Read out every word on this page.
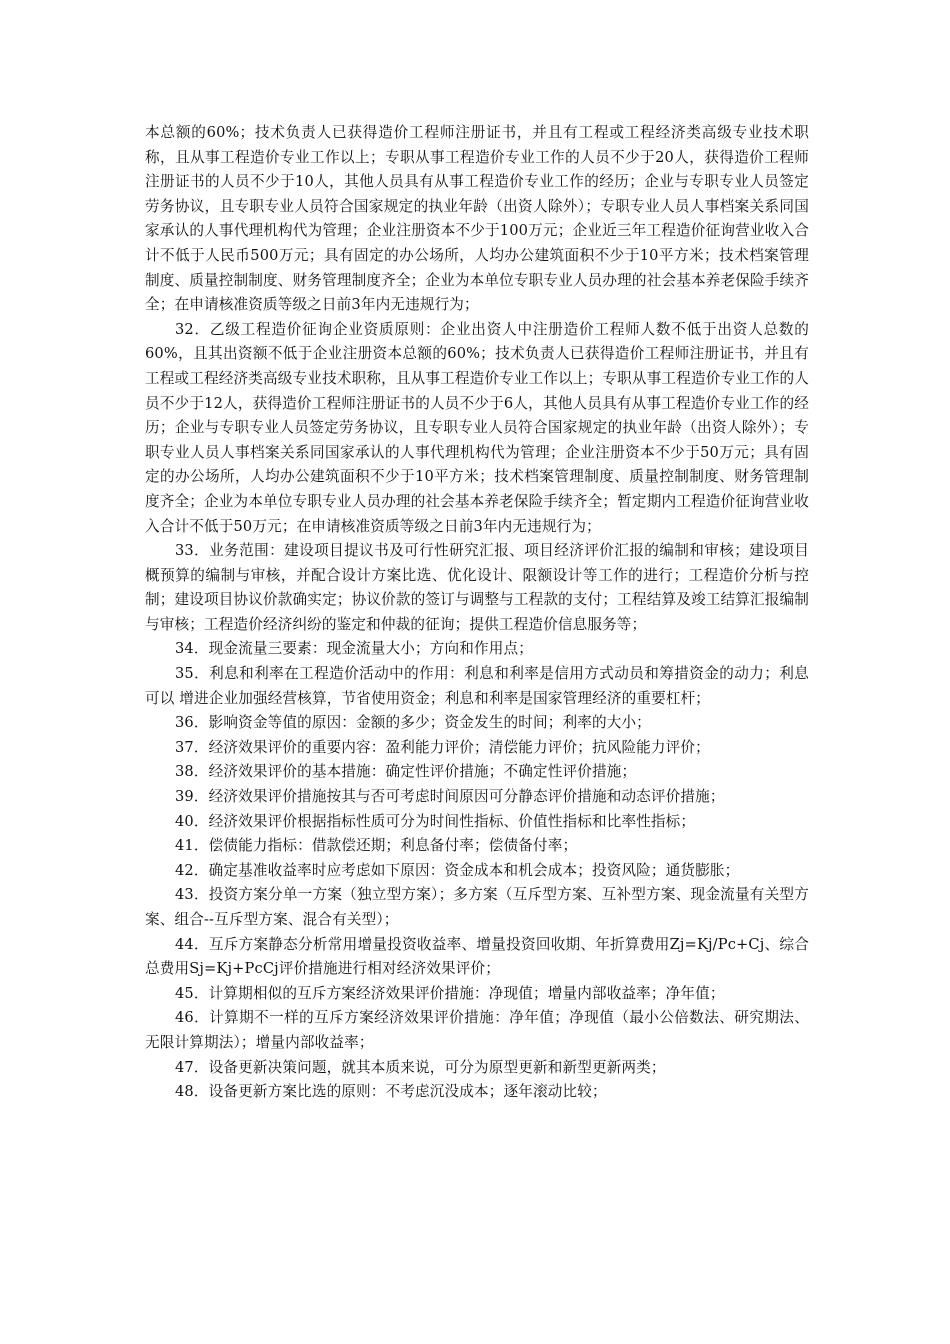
本总额的60%；技术负责人已获得造价工程师注册证书，并且有工程或工程经济类高级专业技术职称，且从事工程造价专业工作以上；专职从事工程造价专业工作的人员不少于20人，获得造价工程师注册证书的人员不少于10人，其他人员具有从事工程造价专业工作的经历；企业与专职专业人员签定劳务协议，且专职专业人员符合国家规定的执业年龄（出资人除外）；专职专业人员人事档案关系同国家承认的人事代理机构代为管理；企业注册资本不少于100万元；企业近三年工程造价征询营业收入合计不低于人民币500万元；具有固定的办公场所，人均办公建筑面积不少于10平方米；技术档案管理制度、质量控制制度、财务管理制度齐全；企业为本单位专职专业人员办理的社会基本养老保险手续齐全；在申请核准资质等级之日前3年内无违规行为；

32．乙级工程造价征询企业资质原则：企业出资人中注册造价工程师人数不低于出资人总数的60%，且其出资额不低于企业注册资本总额的60%；技术负责人已获得造价工程师注册证书，并且有工程或工程经济类高级专业技术职称，且从事工程造价专业工作以上；专职从事工程造价专业工作的人员不少于12人，获得造价工程师注册证书的人员不少于6人，其他人员具有从事工程造价专业工作的经历；企业与专职专业人员签定劳务协议，且专职专业人员符合国家规定的执业年龄（出资人除外）；专职专业人员人事档案关系同国家承认的人事代理机构代为管理；企业注册资本不少于50万元；具有固定的办公场所，人均办公建筑面积不少于10平方米；技术档案管理制度、质量控制制度、财务管理制度齐全；企业为本单位专职专业人员办理的社会基本养老保险手续齐全；暂定期内工程造价征询营业收入合计不低于50万元；在申请核准资质等级之日前3年内无违规行为；

33．业务范围：建设项目提议书及可行性研究汇报、项目经济评价汇报的编制和审核；建设项目概预算的编制与审核，并配合设计方案比选、优化设计、限额设计等工作的进行；工程造价分析与控制；建设项目协议价款确实定；协议价款的签订与调整与工程款的支付；工程结算及竣工结算汇报编制与审核；工程造价经济纠纷的鉴定和仲裁的征询；提供工程造价信息服务等；

34．现金流量三要素：现金流量大小；方向和作用点；

35．利息和利率在工程造价活动中的作用：利息和利率是信用方式动员和筹措资金的动力；利息可以 增进企业加强经营核算，节省使用资金；利息和利率是国家管理经济的重要杠杆；

36．影响资金等值的原因：金额的多少；资金发生的时间；利率的大小；

37．经济效果评价的重要内容：盈利能力评价；清偿能力评价；抗风险能力评价；

38．经济效果评价的基本措施：确定性评价措施；不确定性评价措施；

39．经济效果评价措施按其与否可考虑时间原因可分静态评价措施和动态评价措施；

40．经济效果评价根据指标性质可分为时间性指标、价值性指标和比率性指标；

41．偿债能力指标：借款偿还期；利息备付率；偿债备付率；

42．确定基准收益率时应考虑如下原因：资金成本和机会成本；投资风险；通货膨胀；

43．投资方案分单一方案（独立型方案）；多方案（互斥型方案、互补型方案、现金流量有关型方案、组合--互斥型方案、混合有关型）；

44．互斥方案静态分析常用增量投资收益率、增量投资回收期、年折算费用Zj=Kj/Pc+Cj、综合总费用Sj=Kj+PcCj评价措施进行相对经济效果评价；

45．计算期相似的互斥方案经济效果评价措施：净现值；增量内部收益率；净年值；

46．计算期不一样的互斥方案经济效果评价措施：净年值；净现值（最小公倍数法、研究期法、无限计算期法）；增量内部收益率；

47．设备更新决策问题，就其本质来说，可分为原型更新和新型更新两类；

48．设备更新方案比选的原则：不考虑沉没成本；逐年滚动比较；
